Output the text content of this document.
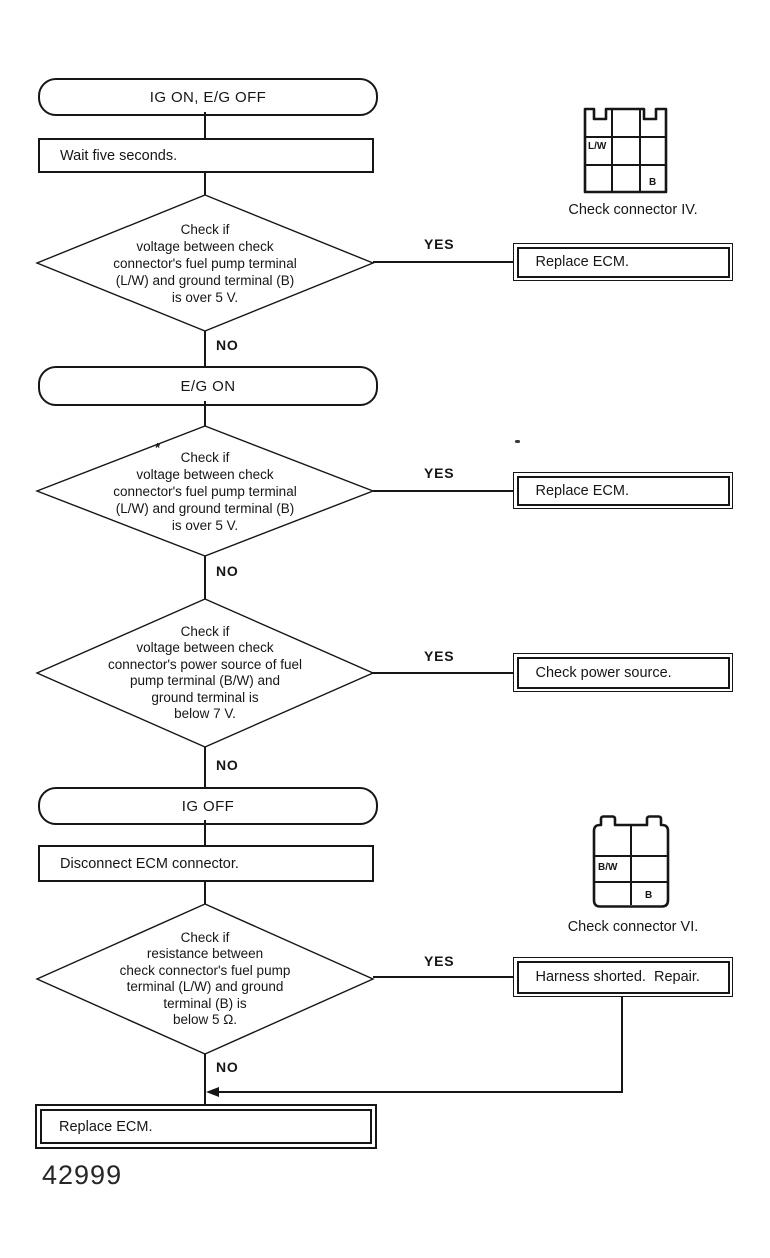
IG ON, E/G OFF
Wait five seconds.
Check if
voltage between check
connector's fuel pump terminal
(L/W) and ground terminal (B)
is over 5 V.
E/G ON
Check if
voltage between check
connector's fuel pump terminal
(L/W) and ground terminal (B)
is over 5 V.
*
Check if
voltage between check
connector's power source of fuel
pump terminal (B/W) and
ground terminal is
below 7 V.
IG OFF
Disconnect ECM connector.
Check if
resistance between
check connector's fuel pump
terminal (L/W) and ground
terminal (B) is
below 5 Ω.
Replace ECM.
Replace ECM.
Replace ECM.
Check power source.
Harness shorted.  Repair.
L/W
B
Check connector IV.
B/W
B
Check connector VI.
YES
YES
YES
YES
NO
NO
NO
NO
42999
